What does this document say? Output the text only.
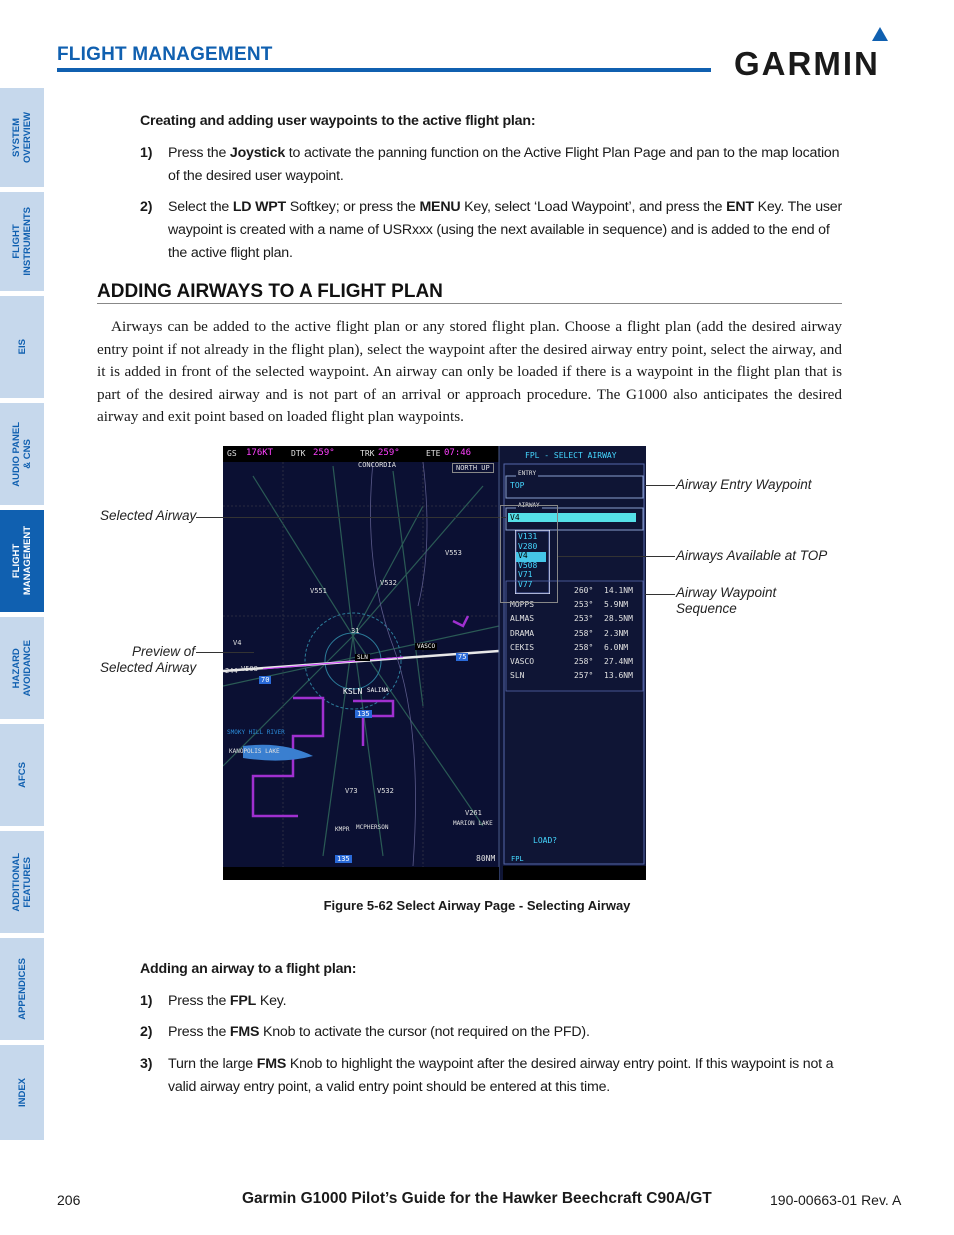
FLIGHT MANAGEMENT	GARMIN
SYSTEM
OVERVIEW
FLIGHT
INSTRUMENTS
EIS
AUDIO PANEL
& CNS
FLIGHT
MANAGEMENT
HAZARD
AVOIDANCE
AFCS
ADDITIONAL
FEATURES
APPENDICES
INDEX
Creating and adding user waypoints to the active flight plan:
1) Press the Joystick to activate the panning function on the Active Flight Plan Page and pan to the map location of the desired user waypoint.
2) Select the LD WPT Softkey; or press the MENU Key, select ‘Load Waypoint’, and press the ENT Key. The user waypoint is created with a name of USRxxx (using the next available in sequence) and is added to the end of the active flight plan.
ADDING AIRWAYS TO A FLIGHT PLAN
Airways can be added to the active flight plan or any stored flight plan. Choose a flight plan (add the desired airway entry point if not already in the flight plan), select the waypoint after the desired airway entry point, select the airway, and it is added in front of the selected waypoint. An airway can only be loaded if there is a waypoint in the flight plan that is part of the desired airway and is not part of an arrival or approach procedure. The G1000 also anticipates the desired airway and exit point based on loaded flight plan waypoints.
GS 176KT DTK 259°	TRK 259°	ETE 07:46
CONCORDIA	NORTH UP
V551
V532
V553
V4
V508
244
70
KSLN SALINA
SLN
VASCO
75
135
31
SMOKY HILL RIVER
KANOPOLIS LAKE
V73	V532
V261
MARION LAKE
KMPR MCPHERSON
135	80NM
FPL - SELECT AIRWAY
ENTRY
TOP
AIRWAY
V4
V131
V280
V4
V508
V71
V77
260°	14.1NM
MOPPS	253°	5.9NM
ALMAS	253°	28.5NM
DRAMA	258°	2.3NM
CEKIS	258°	6.0NM
VASCO	258°	27.4NM
SLN	257°	13.6NM
LOAD?
FPL
Selected Airway
Preview of
Selected Airway
Airway Entry Waypoint
Airways Available at TOP
Airway Waypoint
Sequence
Figure 5-62 Select Airway Page - Selecting Airway
Adding an airway to a flight plan:
1) Press the FPL Key.
2) Press the FMS Knob to activate the cursor (not required on the PFD).
3) Turn the large FMS Knob to highlight the waypoint after the desired airway entry point. If this waypoint is not a valid airway entry point, a valid entry point should be entered at this time.
206	Garmin G1000 Pilot’s Guide for the Hawker Beechcraft C90A/GT	190-00663-01 Rev. A
